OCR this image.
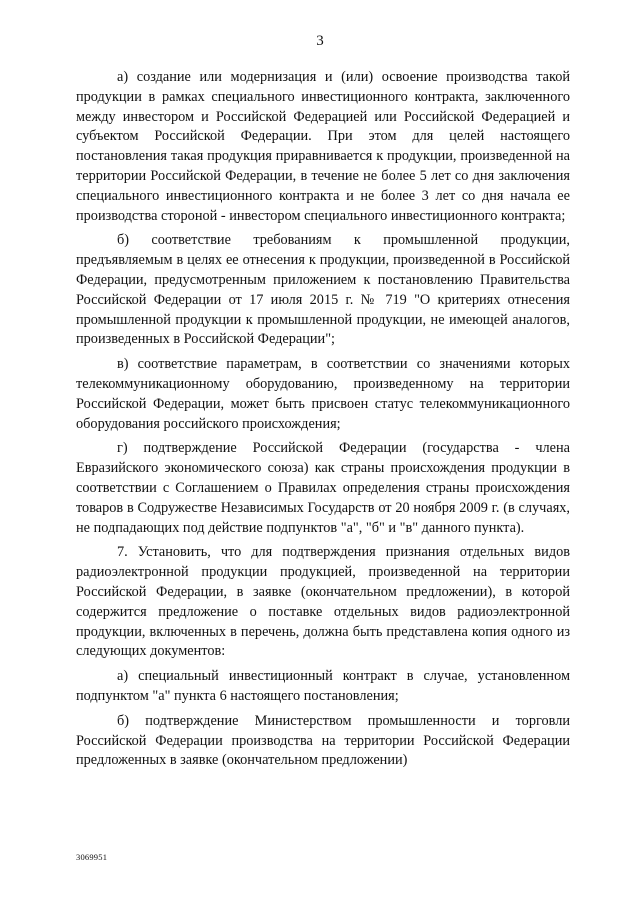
3

а) создание или модернизация и (или) освоение производства такой продукции в рамках специального инвестиционного контракта, заключенного между инвестором и Российской Федерацией или Российской Федерацией и субъектом Российской Федерации. При этом для целей настоящего постановления такая продукция приравнивается к продукции, произведенной на территории Российской Федерации, в течение не более 5 лет со дня заключения специального инвестиционного контракта и не более 3 лет со дня начала ее производства стороной - инвестором специального инвестиционного контракта;

б) соответствие требованиям к промышленной продукции, предъявляемым в целях ее отнесения к продукции, произведенной в Российской Федерации, предусмотренным приложением к постановлению Правительства Российской Федерации от 17 июля 2015 г. № 719 "О критериях отнесения промышленной продукции к промышленной продукции, не имеющей аналогов, произведенных в Российской Федерации";

в) соответствие параметрам, в соответствии со значениями которых телекоммуникационному оборудованию, произведенному на территории Российской Федерации, может быть присвоен статус телекоммуникационного оборудования российского происхождения;

г) подтверждение Российской Федерации (государства - члена Евразийского экономического союза) как страны происхождения продукции в соответствии с Соглашением о Правилах определения страны происхождения товаров в Содружестве Независимых Государств от 20 ноября 2009 г. (в случаях, не подпадающих под действие подпунктов "а", "б" и "в" данного пункта).

7. Установить, что для подтверждения признания отдельных видов радиоэлектронной продукции продукцией, произведенной на территории Российской Федерации, в заявке (окончательном предложении), в которой содержится предложение о поставке отдельных видов радиоэлектронной продукции, включенных в перечень, должна быть представлена копия одного из следующих документов:

а) специальный инвестиционный контракт в случае, установленном подпунктом "а" пункта 6 настоящего постановления;

б) подтверждение Министерством промышленности и торговли Российской Федерации производства на территории Российской Федерации предложенных в заявке (окончательном предложении)

3069951
